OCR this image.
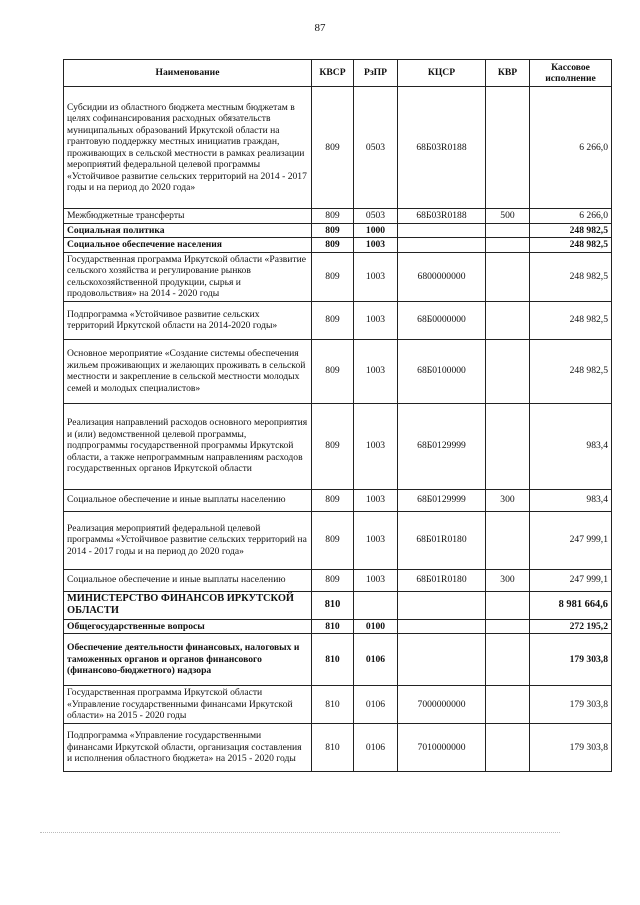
87
Наименование	КВСР	РзПР	КЦСР	КВР	Кассовое исполнение
Субсидии из областного бюджета местным бюджетам в целях софинансирования расходных обязательств муниципальных образований Иркутской области на грантовую поддержку местных инициатив граждан, проживающих в сельской местности в рамках реализации мероприятий федеральной целевой программы «Устойчивое развитие сельских территорий на 2014 - 2017 годы и на период до 2020 года»	809	0503	68Б03R0188		6 266,0
Межбюджетные трансферты	809	0503	68Б03R0188	500	6 266,0
Социальная политика	809	1000			248 982,5
Социальное обеспечение населения	809	1003			248 982,5
Государственная программа Иркутской области «Развитие сельского хозяйства и регулирование рынков сельскохозяйственной продукции, сырья и продовольствия» на 2014 - 2020 годы	809	1003	6800000000		248 982,5
Подпрограмма «Устойчивое развитие сельских территорий Иркутской области на 2014-2020 годы»	809	1003	68Б0000000		248 982,5
Основное мероприятие «Создание системы обеспечения жильем проживающих и желающих проживать в сельской местности и закрепление в сельской местности молодых семей и молодых специалистов»	809	1003	68Б0100000		248 982,5
Реализация направлений расходов основного мероприятия и (или) ведомственной целевой программы, подпрограммы государственной программы Иркутской области, а также непрограммным направлениям расходов государственных органов Иркутской области	809	1003	68Б0129999		983,4
Социальное обеспечение и иные выплаты населению	809	1003	68Б0129999	300	983,4
Реализация мероприятий федеральной целевой программы «Устойчивое развитие сельских территорий на 2014 - 2017 годы и на период до 2020 года»	809	1003	68Б01R0180		247 999,1
Социальное обеспечение и иные выплаты населению	809	1003	68Б01R0180	300	247 999,1
МИНИСТЕРСТВО ФИНАНСОВ ИРКУТСКОЙ ОБЛАСТИ	810				8 981 664,6
Общегосударственные вопросы	810	0100			272 195,2
Обеспечение деятельности финансовых, налоговых и таможенных органов и органов финансового (финансово-бюджетного) надзора	810	0106			179 303,8
Государственная программа Иркутской области «Управление государственными финансами Иркутской области» на 2015 - 2020 годы	810	0106	7000000000		179 303,8
Подпрограмма «Управление государственными финансами Иркутской области, организация составления и исполнения областного бюджета» на 2015 - 2020 годы	810	0106	7010000000		179 303,8
